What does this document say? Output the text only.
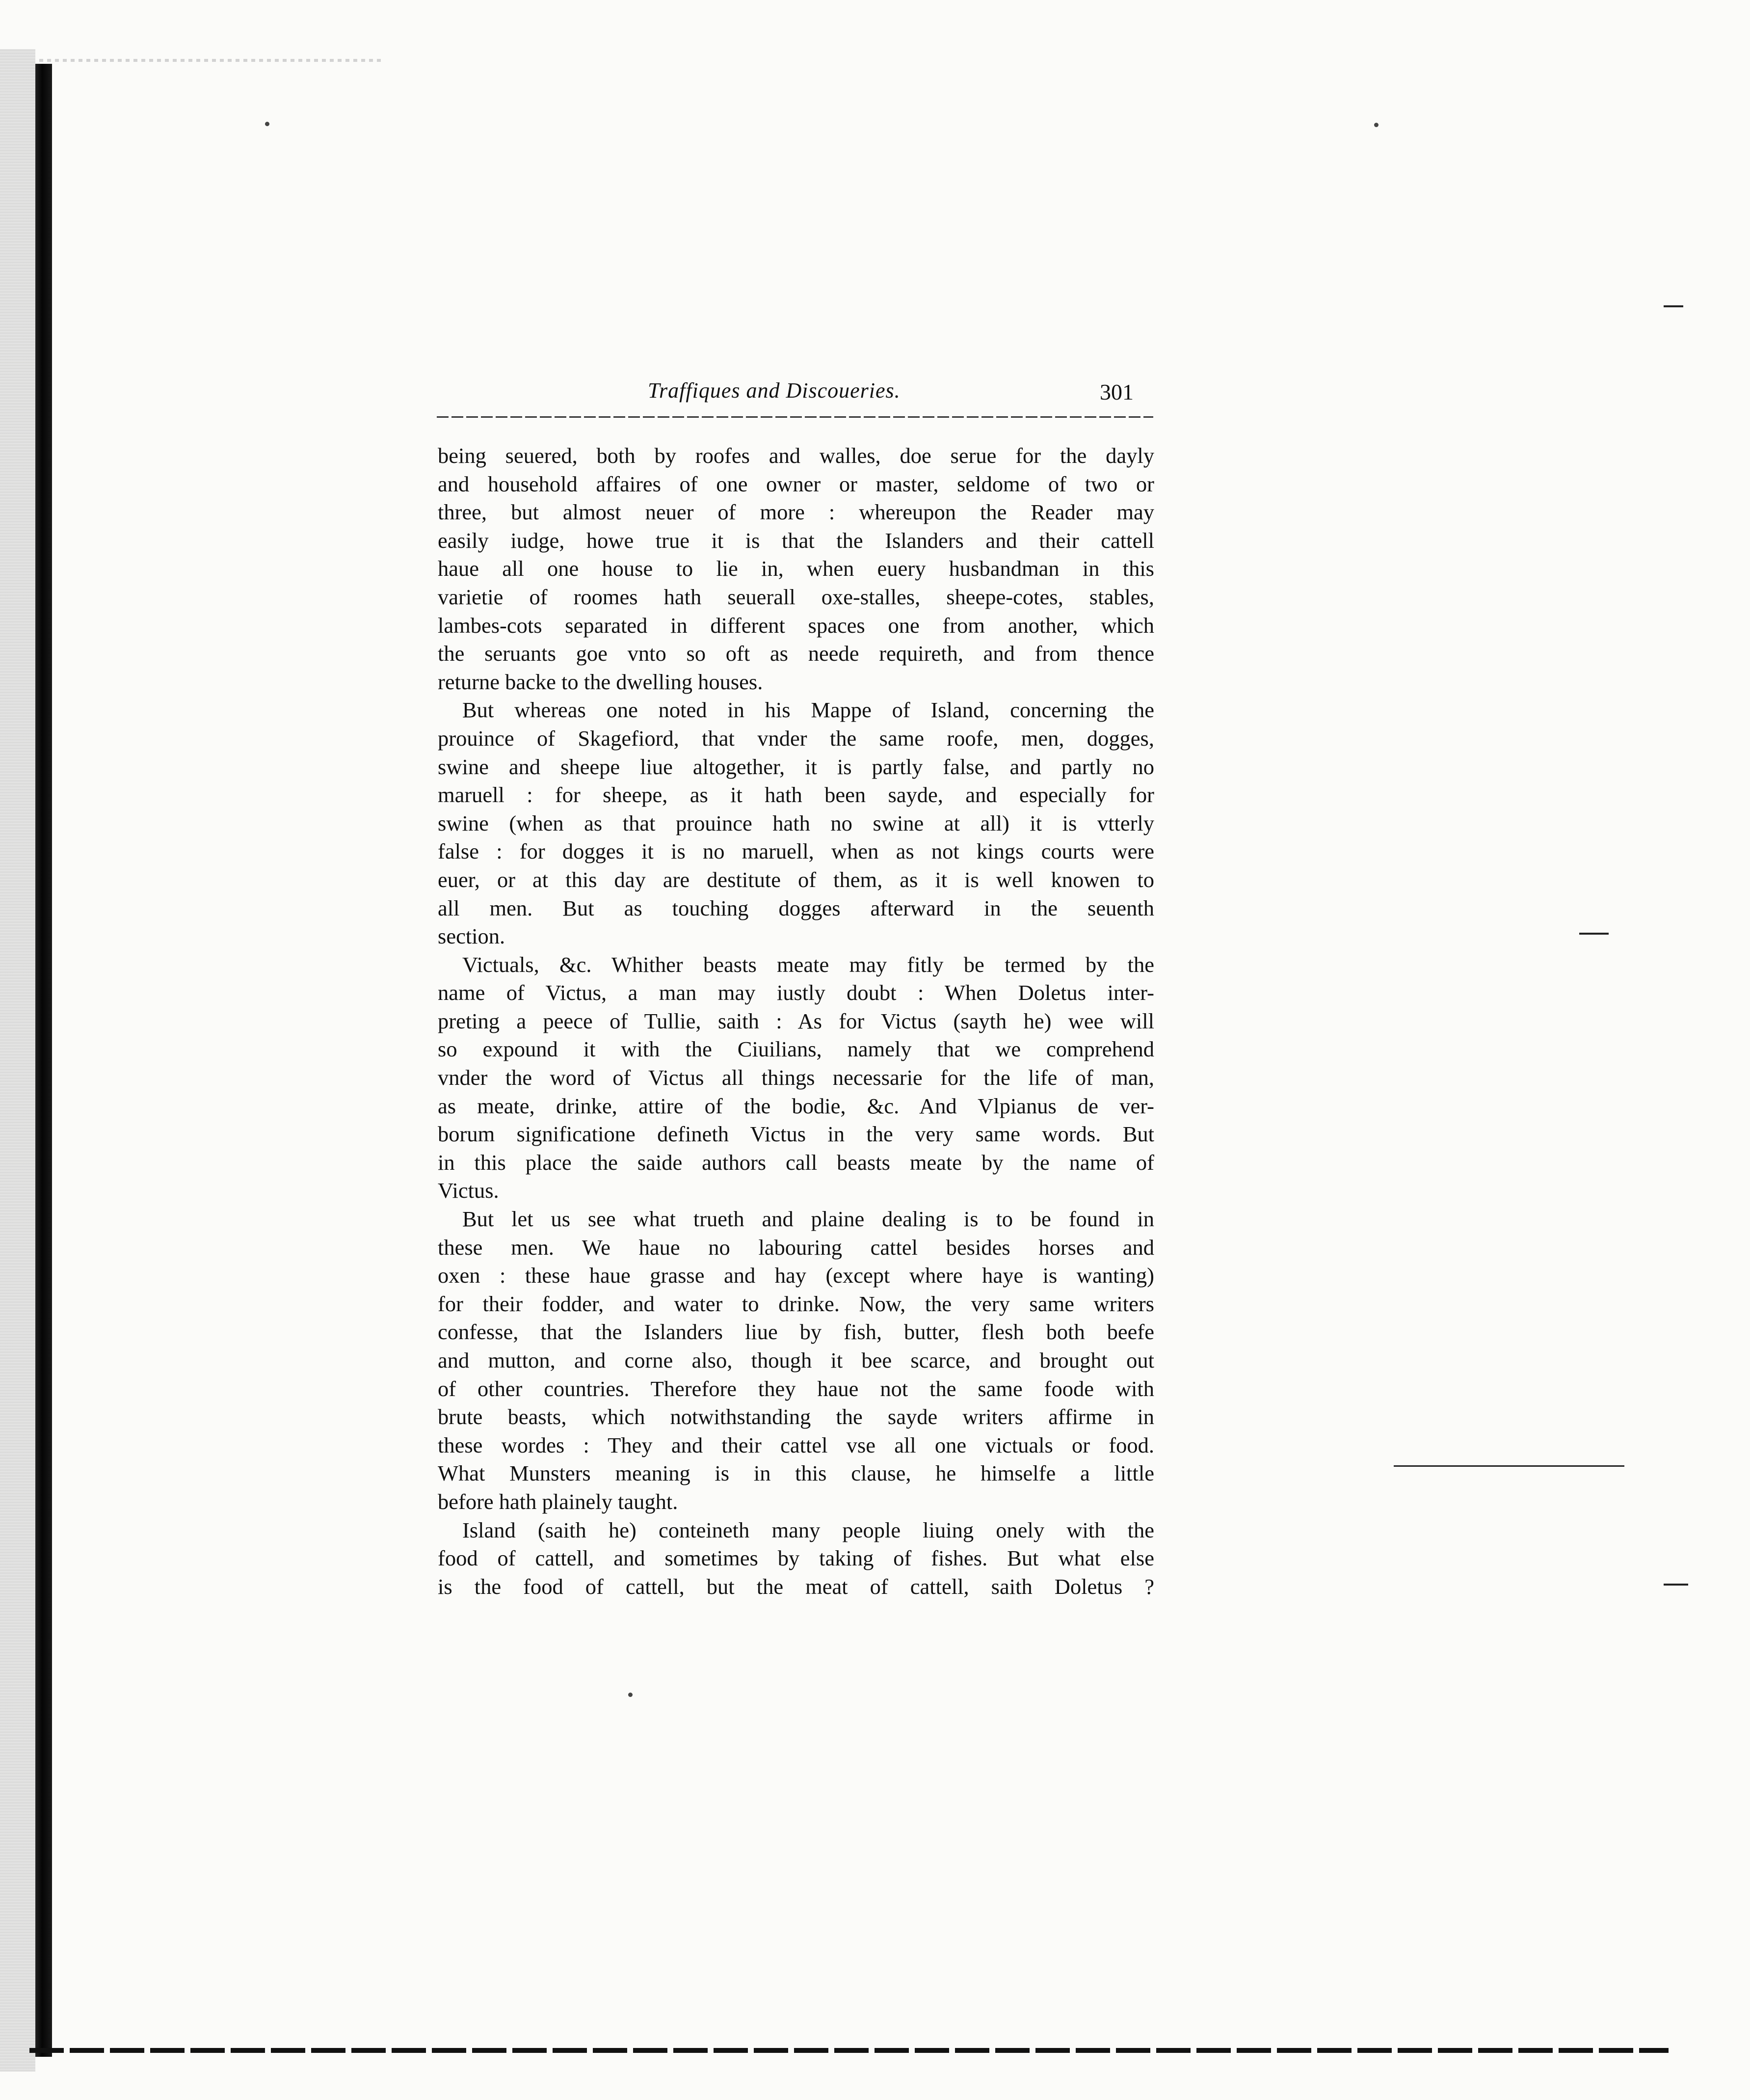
Traffiques and Discoueries.	301
being seuered, both by roofes and walles, doe serue for the dayly
and household affaires of one owner or master, seldome of two or
three, but almost neuer of more : whereupon the Reader may
easily iudge, howe true it is that the Islanders and their cattell
haue all one house to lie in, when euery husbandman in this
varietie of roomes hath seuerall oxe-stalles, sheepe-cotes, stables,
lambes-cots separated in different spaces one from another, which
the seruants goe vnto so oft as neede requireth, and from thence
returne backe to the dwelling houses.
But whereas one noted in his Mappe of Island, concerning the
prouince of Skagefiord, that vnder the same roofe, men, dogges,
swine and sheepe liue altogether, it is partly false, and partly no
maruell : for sheepe, as it hath been sayde, and especially for
swine (when as that prouince hath no swine at all) it is vtterly
false : for dogges it is no maruell, when as not kings courts were
euer, or at this day are destitute of them, as it is well knowen to
all men. But as touching dogges afterward in the seuenth
section.
Victuals, &c. Whither beasts meate may fitly be termed by the
name of Victus, a man may iustly doubt : When Doletus inter-
preting a peece of Tullie, saith : As for Victus (sayth he) wee will
so expound it with the Ciuilians, namely that we comprehend
vnder the word of Victus all things necessarie for the life of man,
as meate, drinke, attire of the bodie, &c. And Vlpianus de ver-
borum significatione defineth Victus in the very same words. But
in this place the saide authors call beasts meate by the name of
Victus.
But let us see what trueth and plaine dealing is to be found in
these men. We haue no labouring cattel besides horses and
oxen : these haue grasse and hay (except where haye is wanting)
for their fodder, and water to drinke. Now, the very same writers
confesse, that the Islanders liue by fish, butter, flesh both beefe
and mutton, and corne also, though it bee scarce, and brought out
of other countries. Therefore they haue not the same foode with
brute beasts, which notwithstanding the sayde writers affirme in
these wordes : They and their cattel vse all one victuals or food.
What Munsters meaning is in this clause, he himselfe a little
before hath plainely taught.
Island (saith he) conteineth many people liuing onely with the
food of cattell, and sometimes by taking of fishes. But what else
is the food of cattell, but the meat of cattell, saith Doletus ?
